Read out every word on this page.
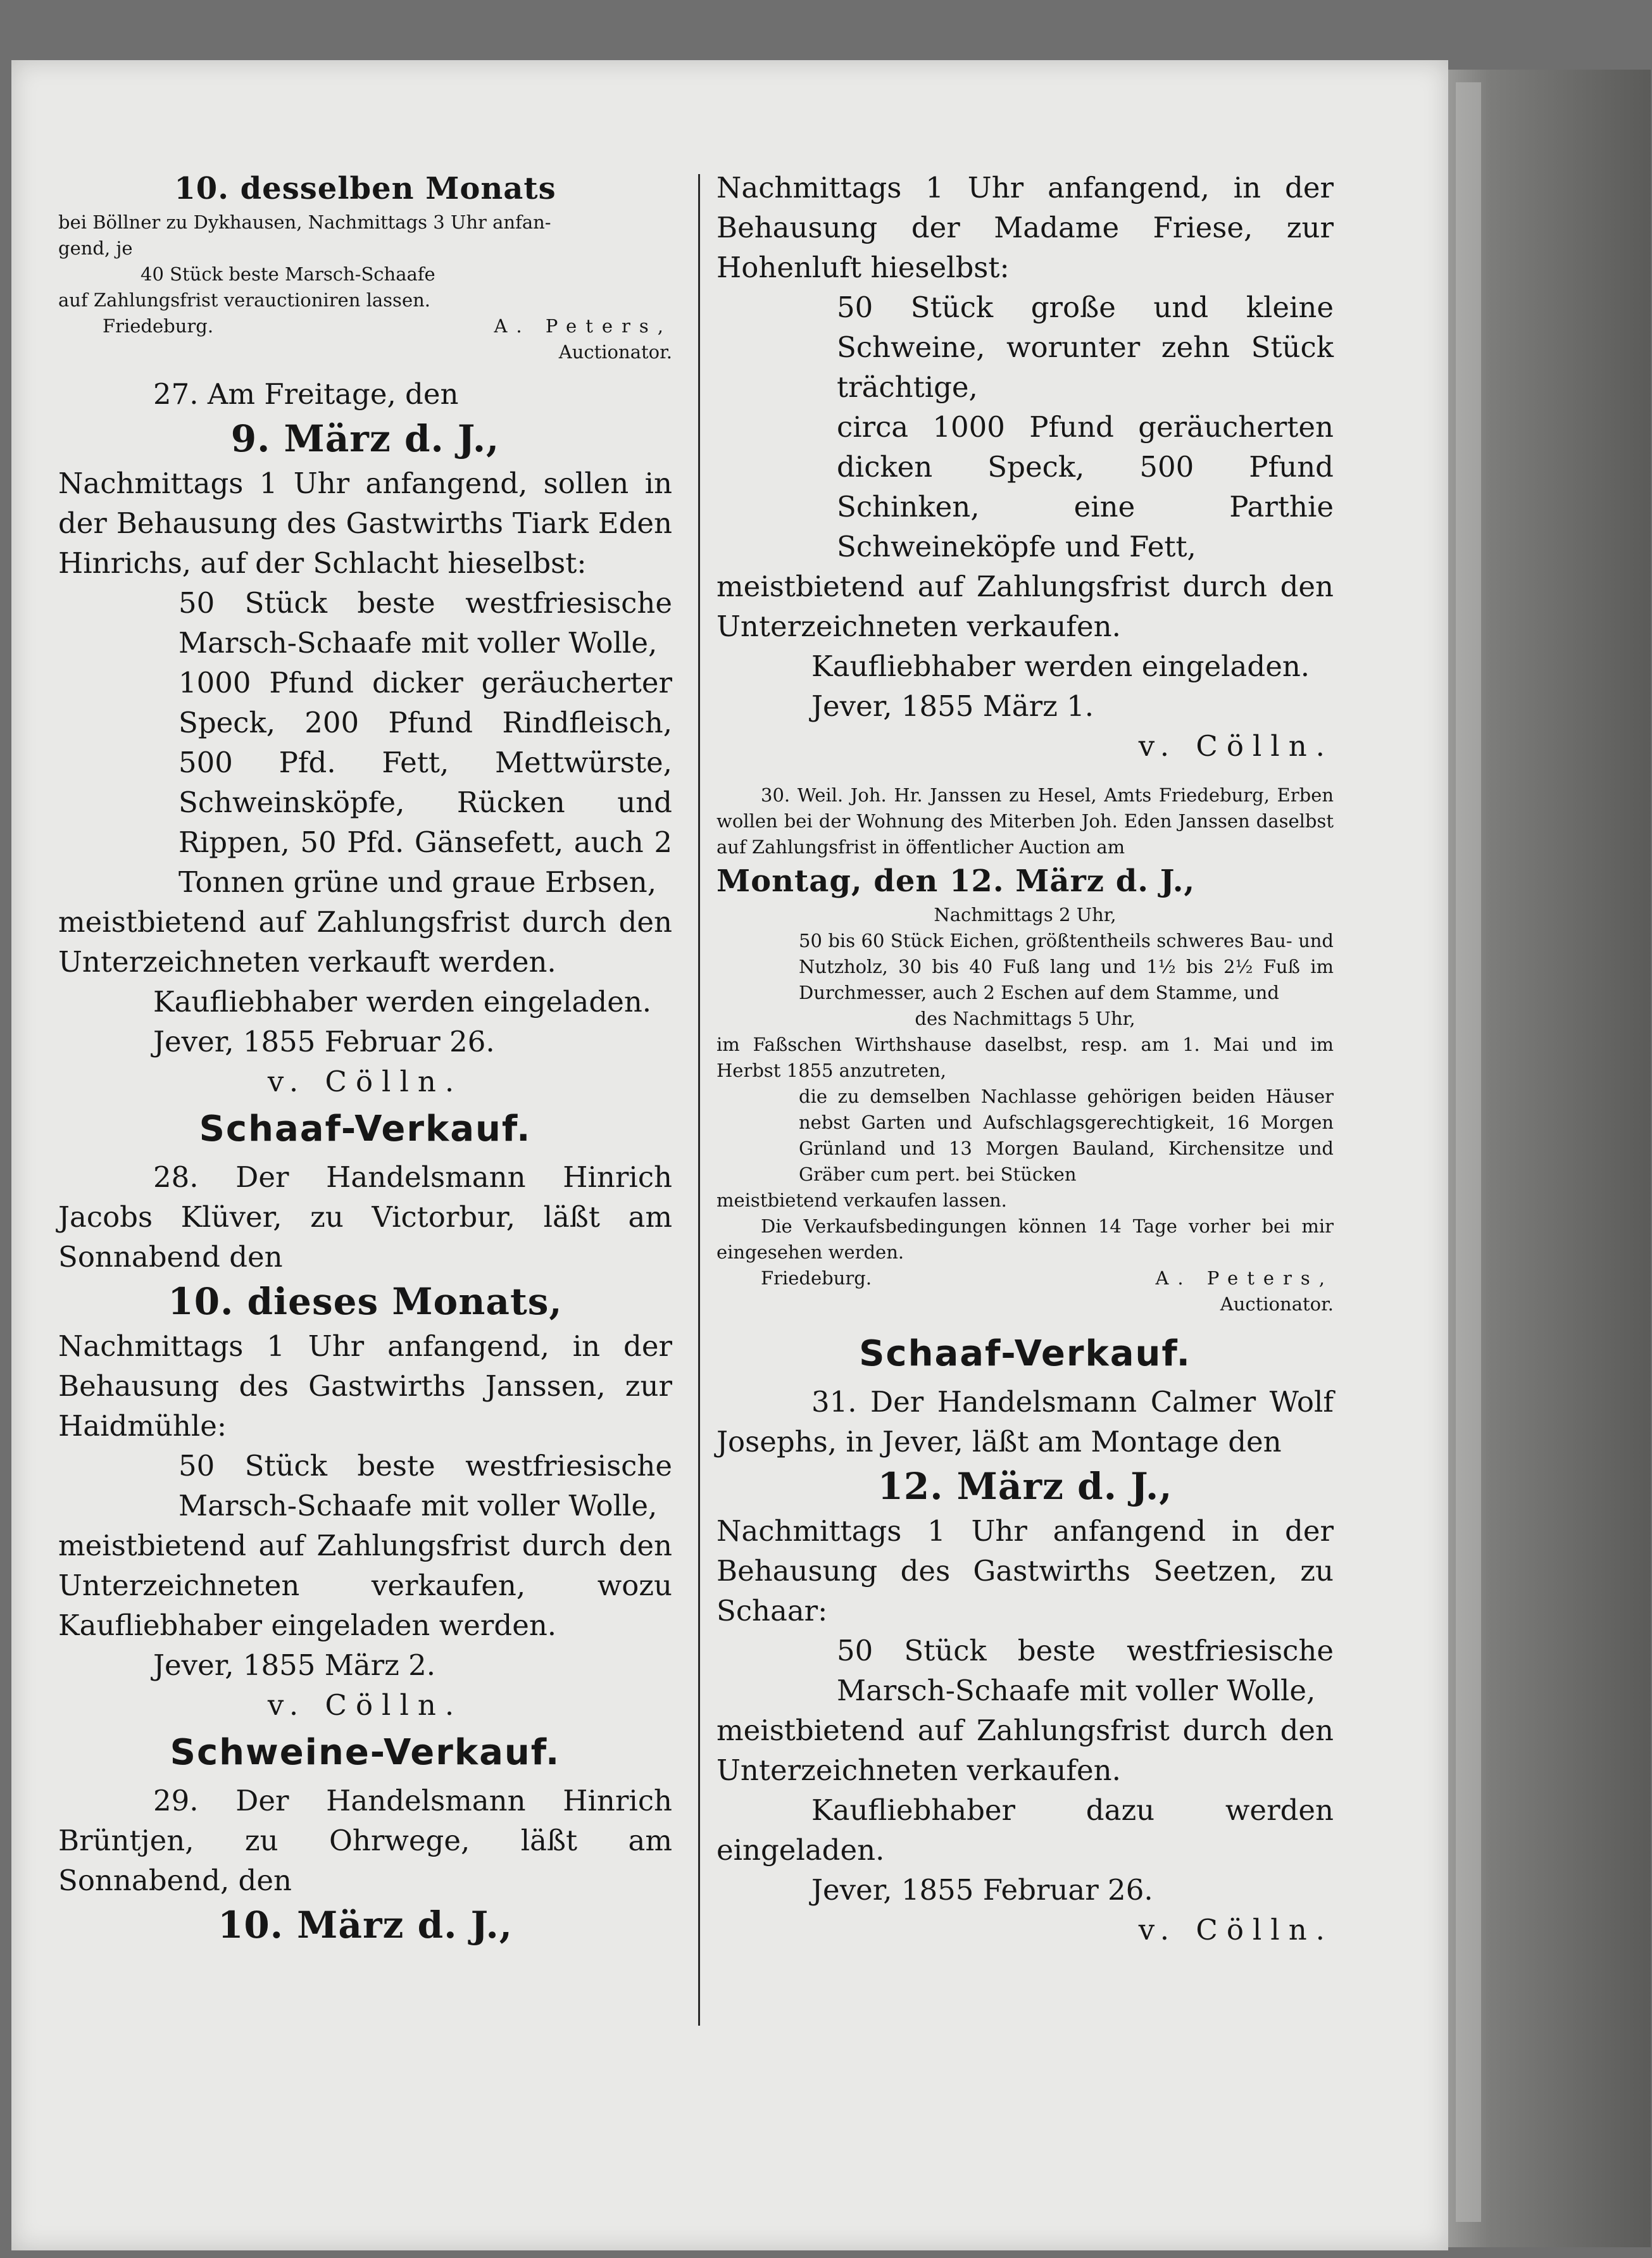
10. desselben Monats

bei Böllner zu Dykhausen, Nachmittags 3 Uhr anfan-

gend, je

40 Stück beste Marsch-Schaafe

auf Zahlungsfrist verauctioniren lassen.

Friedeburg.	A. Peters,

Auctionator.

27. Am Freitage, den

9. März d. J.,

Nachmittags 1 Uhr anfangend, sollen in der Behausung des Gastwirths Tiark Eden Hinrichs, auf der Schlacht hieselbst:

50 Stück beste westfriesische Marsch-Schaafe mit voller Wolle,

1000 Pfund dicker geräucherter Speck, 200 Pfund Rindfleisch, 500 Pfd. Fett, Mettwürste, Schweinsköpfe, Rücken und Rippen, 50 Pfd. Gänsefett, auch 2 Tonnen grüne und graue Erbsen,

meistbietend auf Zahlungsfrist durch den Unterzeichneten verkauft werden.

Kaufliebhaber werden eingeladen.

Jever, 1855 Februar 26.

v. Cölln.

Schaaf-Verkauf.

28. Der Handelsmann Hinrich Jacobs Klüver, zu Victorbur, läßt am Sonnabend den

10. dieses Monats,

Nachmittags 1 Uhr anfangend, in der Behausung des Gastwirths Janssen, zur Haidmühle:

50 Stück beste westfriesische Marsch-Schaafe mit voller Wolle,

meistbietend auf Zahlungsfrist durch den Unterzeichneten verkaufen, wozu Kaufliebhaber eingeladen werden.

Jever, 1855 März 2.

v. Cölln.

Schweine-Verkauf.

29. Der Handelsmann Hinrich Brüntjen, zu Ohrwege, läßt am Sonnabend, den

10. März d. J.,

Nachmittags 1 Uhr anfangend, in der Behausung der Madame Friese, zur Hohenluft hieselbst:

50 Stück große und kleine Schweine, worunter zehn Stück trächtige,

circa 1000 Pfund geräucherten dicken Speck, 500 Pfund Schinken, eine Parthie Schweineköpfe und Fett,

meistbietend auf Zahlungsfrist durch den Unterzeichneten verkaufen.

Kaufliebhaber werden eingeladen.

Jever, 1855 März 1.

v. Cölln.

30. Weil. Joh. Hr. Janssen zu Hesel, Amts Friedeburg, Erben wollen bei der Wohnung des Miterben Joh. Eden Janssen daselbst auf Zahlungsfrist in öffentlicher Auction am

Montag, den 12. März d. J.,

Nachmittags 2 Uhr,

50 bis 60 Stück Eichen, größtentheils schweres Bau- und Nutzholz, 30 bis 40 Fuß lang und 1½ bis 2½ Fuß im Durchmesser, auch 2 Eschen auf dem Stamme, und

des Nachmittags 5 Uhr,

im Faßschen Wirthshause daselbst, resp. am 1. Mai und im Herbst 1855 anzutreten,

die zu demselben Nachlasse gehörigen beiden Häuser nebst Garten und Aufschlagsgerechtigkeit, 16 Morgen Grünland und 13 Morgen Bauland, Kirchensitze und Gräber cum pert. bei Stücken

meistbietend verkaufen lassen.

Die Verkaufsbedingungen können 14 Tage vorher bei mir eingesehen werden.

Friedeburg.	A. Peters,

Auctionator.

Schaaf-Verkauf.

31. Der Handelsmann Calmer Wolf Josephs, in Jever, läßt am Montage den

12. März d. J.,

Nachmittags 1 Uhr anfangend in der Behausung des Gastwirths Seetzen, zu Schaar:

50 Stück beste westfriesische Marsch-Schaafe mit voller Wolle,

meistbietend auf Zahlungsfrist durch den Unterzeichneten verkaufen.

Kaufliebhaber dazu werden eingeladen.

Jever, 1855 Februar 26.

v. Cölln.
